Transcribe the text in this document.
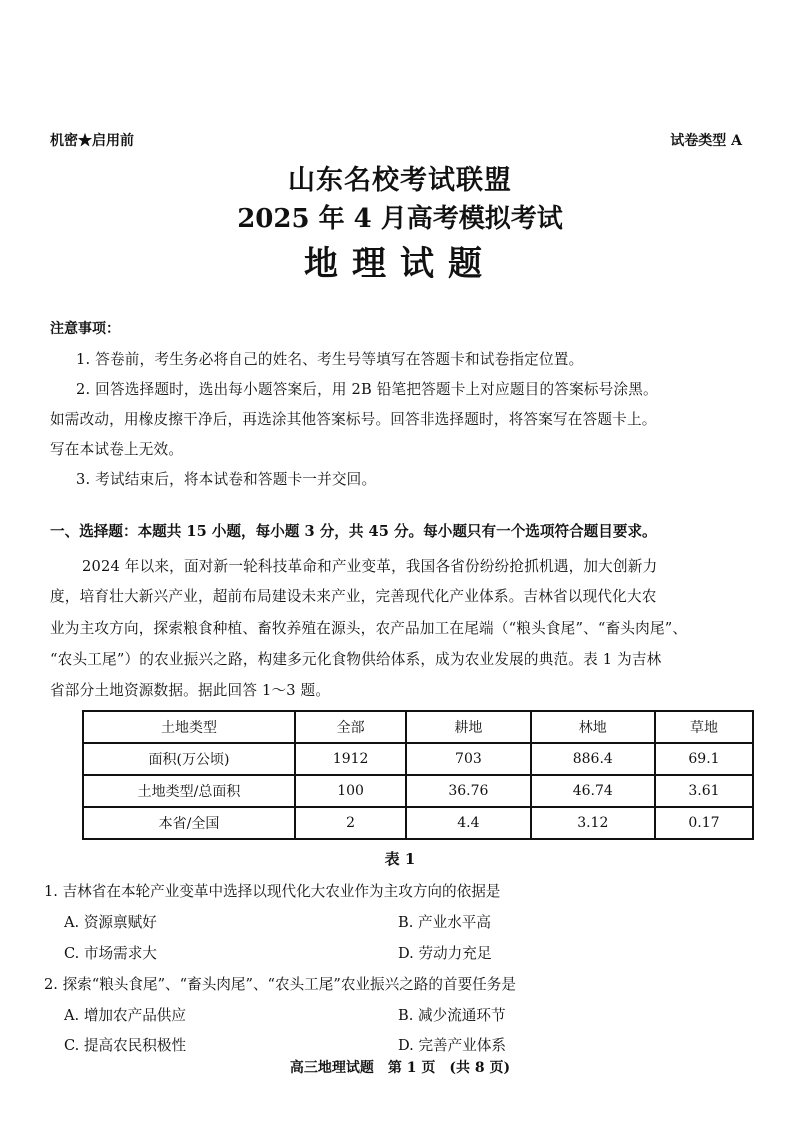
机密★启用前	试卷类型 A
山东名校考试联盟
2025 年 4 月高考模拟考试
地理试题
注意事项：
1. 答卷前，考生务必将自己的姓名、考生号等填写在答题卡和试卷指定位置。
2. 回答选择题时，选出每小题答案后，用 2B 铅笔把答题卡上对应题目的答案标号涂黑。
如需改动，用橡皮擦干净后，再选涂其他答案标号。回答非选择题时，将答案写在答题卡上。
写在本试卷上无效。
3. 考试结束后，将本试卷和答题卡一并交回。
一、选择题：本题共 15 小题，每小题 3 分，共 45 分。每小题只有一个选项符合题目要求。
2024 年以来，面对新一轮科技革命和产业变革，我国各省份纷纷抢抓机遇，加大创新力
度，培育壮大新兴产业，超前布局建设未来产业，完善现代化产业体系。吉林省以现代化大农
业为主攻方向，探索粮食种植、畜牧养殖在源头，农产品加工在尾端（“粮头食尾”、“畜头肉尾”、
“农头工尾”）的农业振兴之路，构建多元化食物供给体系，成为农业发展的典范。表 1 为吉林
省部分土地资源数据。据此回答 1～3 题。
土地类型	全部	耕地	林地	草地
面积(万公顷)	1912	703	886.4	69.1
土地类型/总面积	100	36.76	46.74	3.61
本省/全国	2	4.4	3.12	0.17
表 1
1. 吉林省在本轮产业变革中选择以现代化大农业作为主攻方向的依据是
A. 资源禀赋好	B. 产业水平高
C. 市场需求大	D. 劳动力充足
2. 探索“粮头食尾”、“畜头肉尾”、“农头工尾”农业振兴之路的首要任务是
A. 增加农产品供应	B. 减少流通环节
C. 提高农民积极性	D. 完善产业体系
高三地理试题　第 1 页　(共 8 页)
